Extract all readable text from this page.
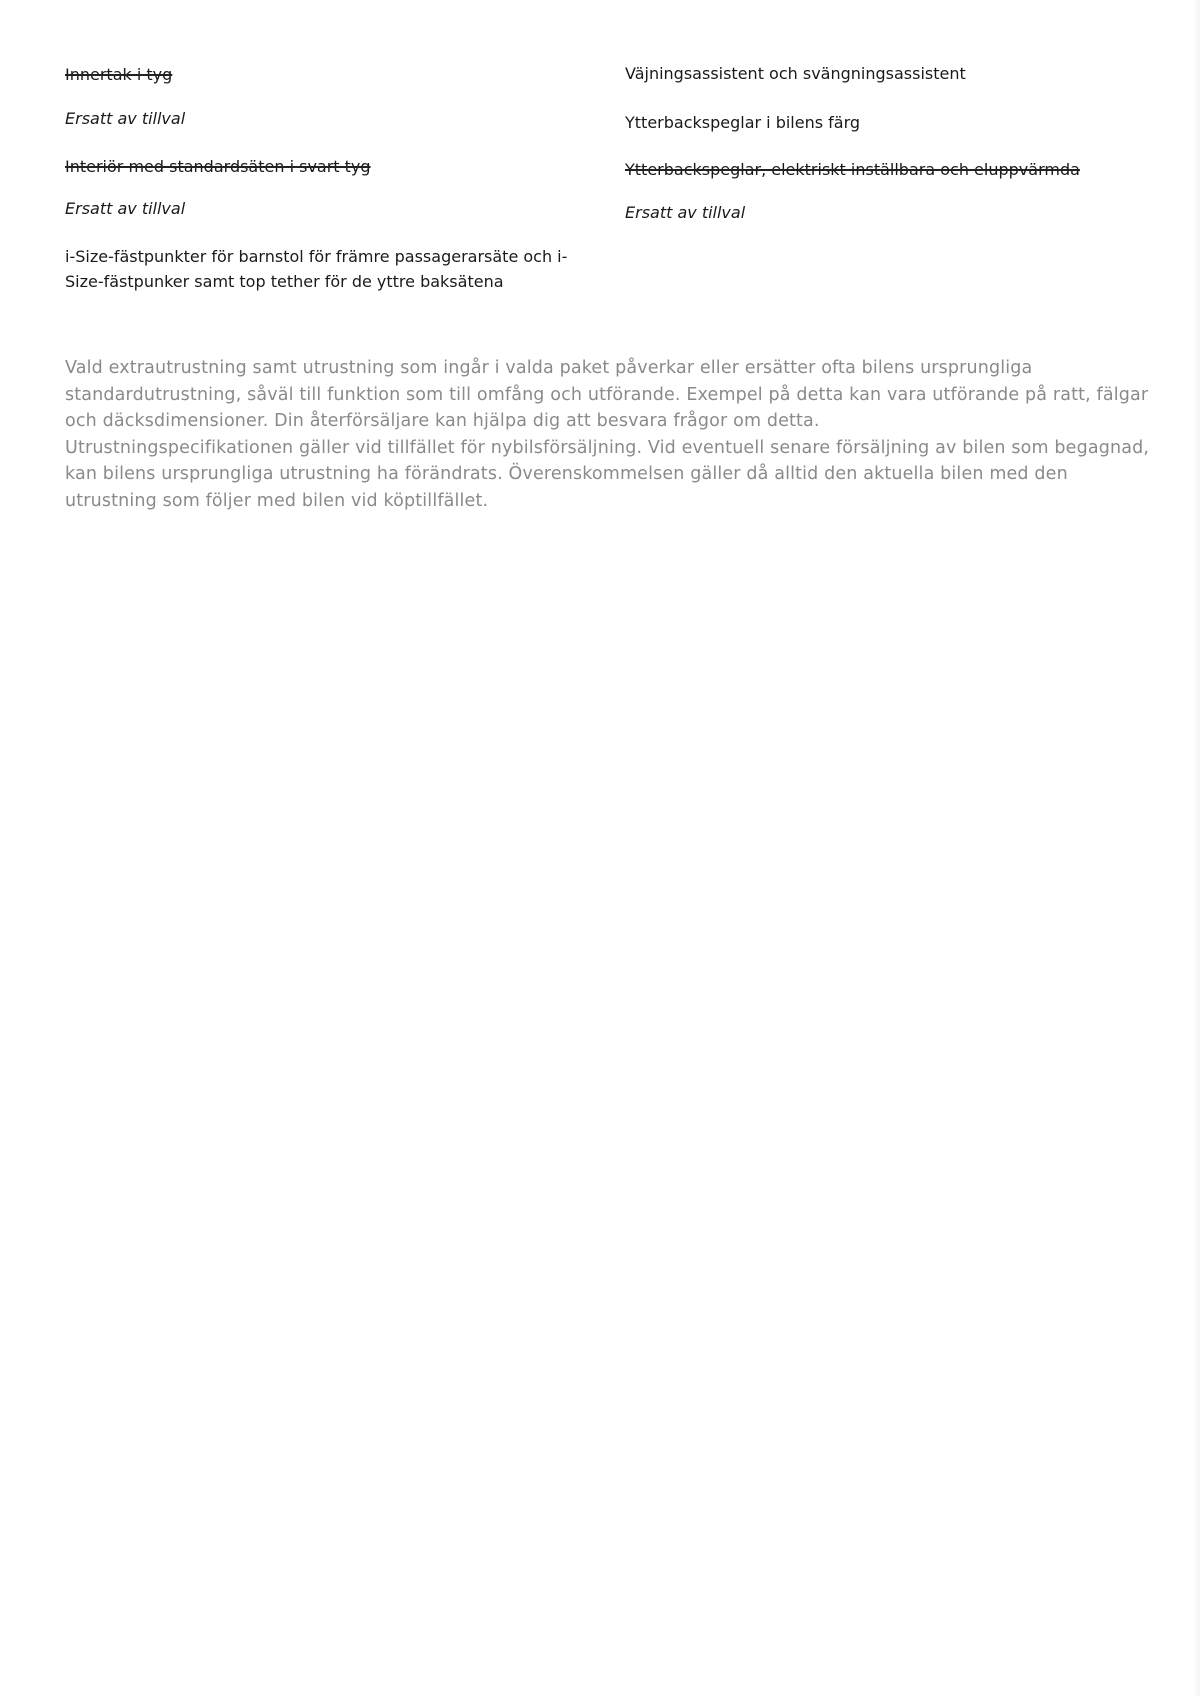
Innertak i tyg

Ersatt av tillval

Interiör med standardsäten i svart tyg

Ersatt av tillval

i-Size-fästpunkter för barnstol för främre passagerarsäte och i-Size-fästpunker samt top tether för de yttre baksätena

Väjningsassistent och svängningsassistent

Ytterbackspeglar i bilens färg

Ytterbackspeglar, elektriskt inställbara och eluppvärmda

Ersatt av tillval

Vald extrautrustning samt utrustning som ingår i valda paket påverkar eller ersätter ofta bilens ursprungliga standardutrustning, såväl till funktion som till omfång och utförande. Exempel på detta kan vara utförande på ratt, fälgar och däcksdimensioner. Din återförsäljare kan hjälpa dig att besvara frågor om detta.

Utrustningspecifikationen gäller vid tillfället för nybilsförsäljning. Vid eventuell senare försäljning av bilen som begagnad, kan bilens ursprungliga utrustning ha förändrats. Överenskommelsen gäller då alltid den aktuella bilen med den utrustning som följer med bilen vid köptillfället.
